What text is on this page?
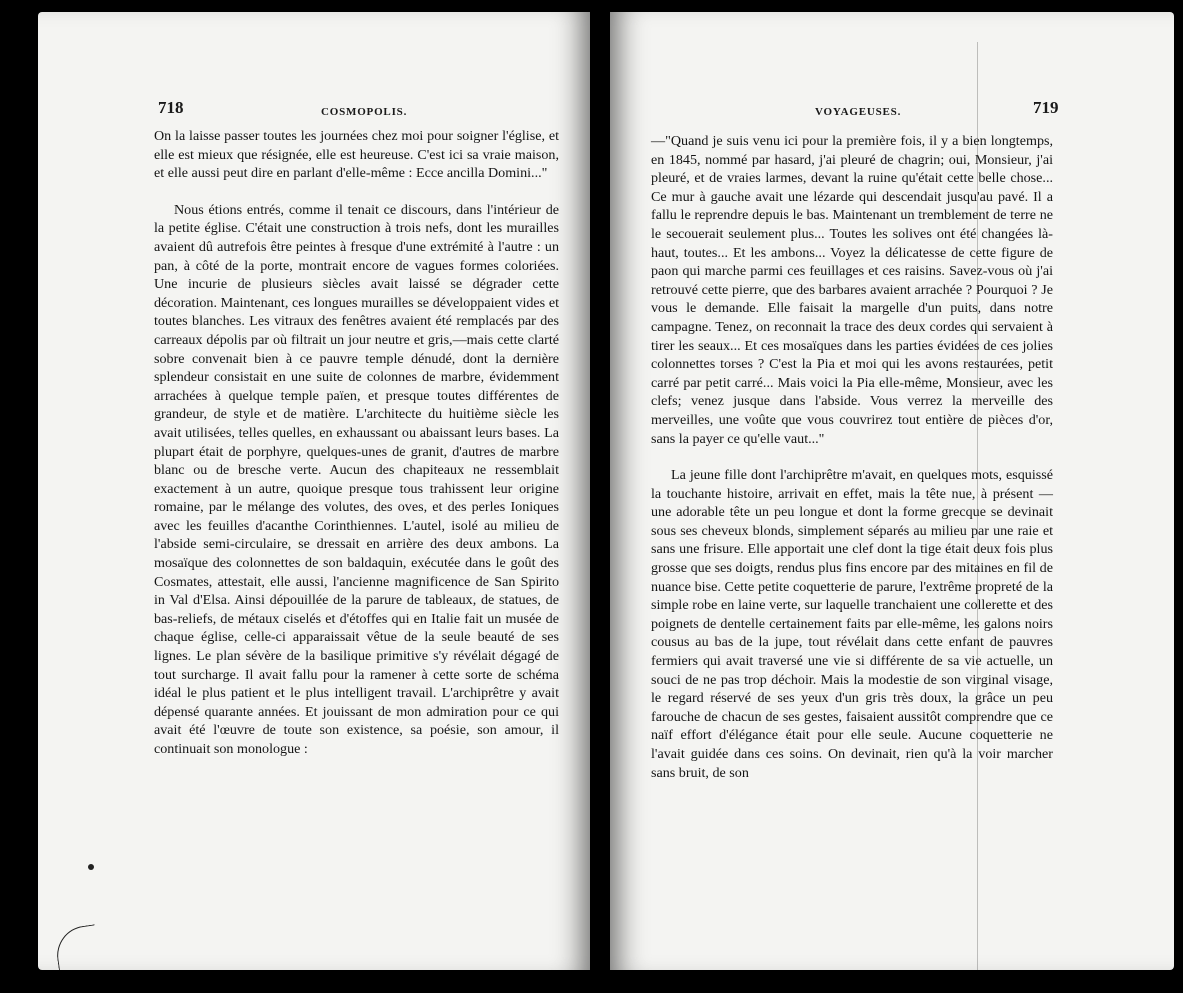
718	COSMOPOLIS.

On la laisse passer toutes les journées chez moi pour soigner l'église, et elle est mieux que résignée, elle est heureuse. C'est ici sa vraie maison, et elle aussi peut dire en parlant d'elle-même : Ecce ancilla Domini..."

Nous étions entrés, comme il tenait ce discours, dans l'intérieur de la petite église. C'était une construction à trois nefs, dont les murailles avaient dû autrefois être peintes à fresque d'une extrémité à l'autre : un pan, à côté de la porte, montrait encore de vagues formes coloriées. Une incurie de plusieurs siècles avait laissé se dégrader cette décoration. Maintenant, ces longues murailles se développaient vides et toutes blanches. Les vitraux des fenêtres avaient été remplacés par des carreaux dépolis par où filtrait un jour neutre et gris,—mais cette clarté sobre convenait bien à ce pauvre temple dénudé, dont la dernière splendeur consistait en une suite de colonnes de marbre, évidemment arrachées à quelque temple païen, et presque toutes différentes de grandeur, de style et de matière. L'architecte du huitième siècle les avait utilisées, telles quelles, en exhaussant ou abaissant leurs bases. La plupart était de porphyre, quelques-unes de granit, d'autres de marbre blanc ou de bresche verte. Aucun des chapiteaux ne ressemblait exactement à un autre, quoique presque tous trahissent leur origine romaine, par le mélange des volutes, des oves, et des perles Ioniques avec les feuilles d'acanthe Corinthiennes. L'autel, isolé au milieu de l'abside semi-circulaire, se dressait en arrière des deux ambons. La mosaïque des colonnettes de son baldaquin, exécutée dans le goût des Cosmates, attestait, elle aussi, l'ancienne magnificence de San Spirito in Val d'Elsa. Ainsi dépouillée de la parure de tableaux, de statues, de bas-reliefs, de métaux ciselés et d'étoffes qui en Italie fait un musée de chaque église, celle-ci apparaissait vêtue de la seule beauté de ses lignes. Le plan sévère de la basilique primitive s'y révélait dégagé de tout surcharge. Il avait fallu pour la ramener à cette sorte de schéma idéal le plus patient et le plus intelligent travail. L'archiprêtre y avait dépensé quarante années. Et jouissant de mon admiration pour ce qui avait été l'œuvre de toute son existence, sa poésie, son amour, il continuait son monologue :

VOYAGEUSES.	719

—"Quand je suis venu ici pour la première fois, il y a bien longtemps, en 1845, nommé par hasard, j'ai pleuré de chagrin; oui, Monsieur, j'ai pleuré, et de vraies larmes, devant la ruine qu'était cette belle chose... Ce mur à gauche avait une lézarde qui descendait jusqu'au pavé. Il a fallu le reprendre depuis le bas. Maintenant un tremblement de terre ne le secouerait seulement plus... Toutes les solives ont été changées là-haut, toutes... Et les ambons... Voyez la délicatesse de cette figure de paon qui marche parmi ces feuillages et ces raisins. Savez-vous où j'ai retrouvé cette pierre, que des barbares avaient arrachée ? Pourquoi ? Je vous le demande. Elle faisait la margelle d'un puits, dans notre campagne. Tenez, on reconnait la trace des deux cordes qui servaient à tirer les seaux... Et ces mosaïques dans les parties évidées de ces jolies colonnettes torses ? C'est la Pia et moi qui les avons restaurées, petit carré par petit carré... Mais voici la Pia elle-même, Monsieur, avec les clefs; venez jusque dans l'abside. Vous verrez la merveille des merveilles, une voûte que vous couvrirez tout entière de pièces d'or, sans la payer ce qu'elle vaut..."

La jeune fille dont l'archiprêtre m'avait, en quelques mots, esquissé la touchante histoire, arrivait en effet, mais la tête nue, à présent — une adorable tête un peu longue et dont la forme grecque se devinait sous ses cheveux blonds, simplement séparés au milieu par une raie et sans une frisure. Elle apportait une clef dont la tige était deux fois plus grosse que ses doigts, rendus plus fins encore par des mitaines en fil de nuance bise. Cette petite coquetterie de parure, l'extrême propreté de la simple robe en laine verte, sur laquelle tranchaient une collerette et des poignets de dentelle certainement faits par elle-même, les galons noirs cousus au bas de la jupe, tout révélait dans cette enfant de pauvres fermiers qui avait traversé une vie si différente de sa vie actuelle, un souci de ne pas trop déchoir. Mais la modestie de son virginal visage, le regard réservé de ses yeux d'un gris très doux, la grâce un peu farouche de chacun de ses gestes, faisaient aussitôt comprendre que ce naïf effort d'élégance était pour elle seule. Aucune coquetterie ne l'avait guidée dans ces soins. On devinait, rien qu'à la voir marcher sans bruit, de son
